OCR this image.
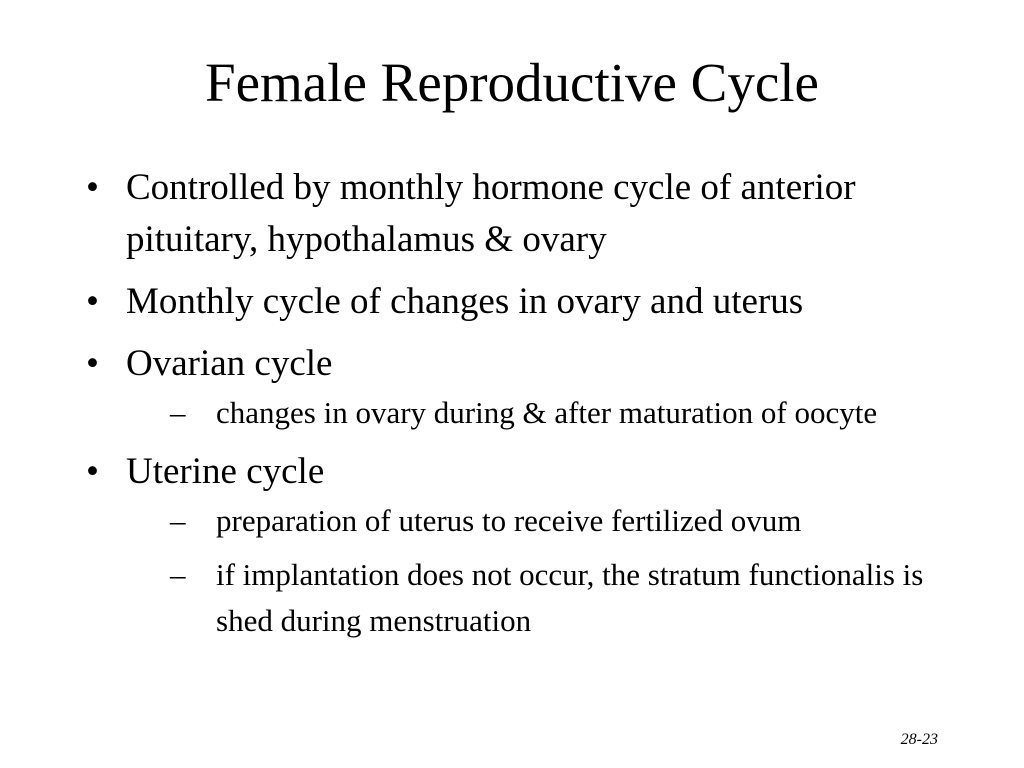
Female Reproductive Cycle
• Controlled by monthly hormone cycle of anterior pituitary, hypothalamus & ovary
• Monthly cycle of changes in ovary and uterus
• Ovarian cycle
– changes in ovary during & after maturation of oocyte
• Uterine cycle
– preparation of uterus to receive fertilized ovum
– if implantation does not occur, the stratum functionalis is shed during menstruation
28-23
